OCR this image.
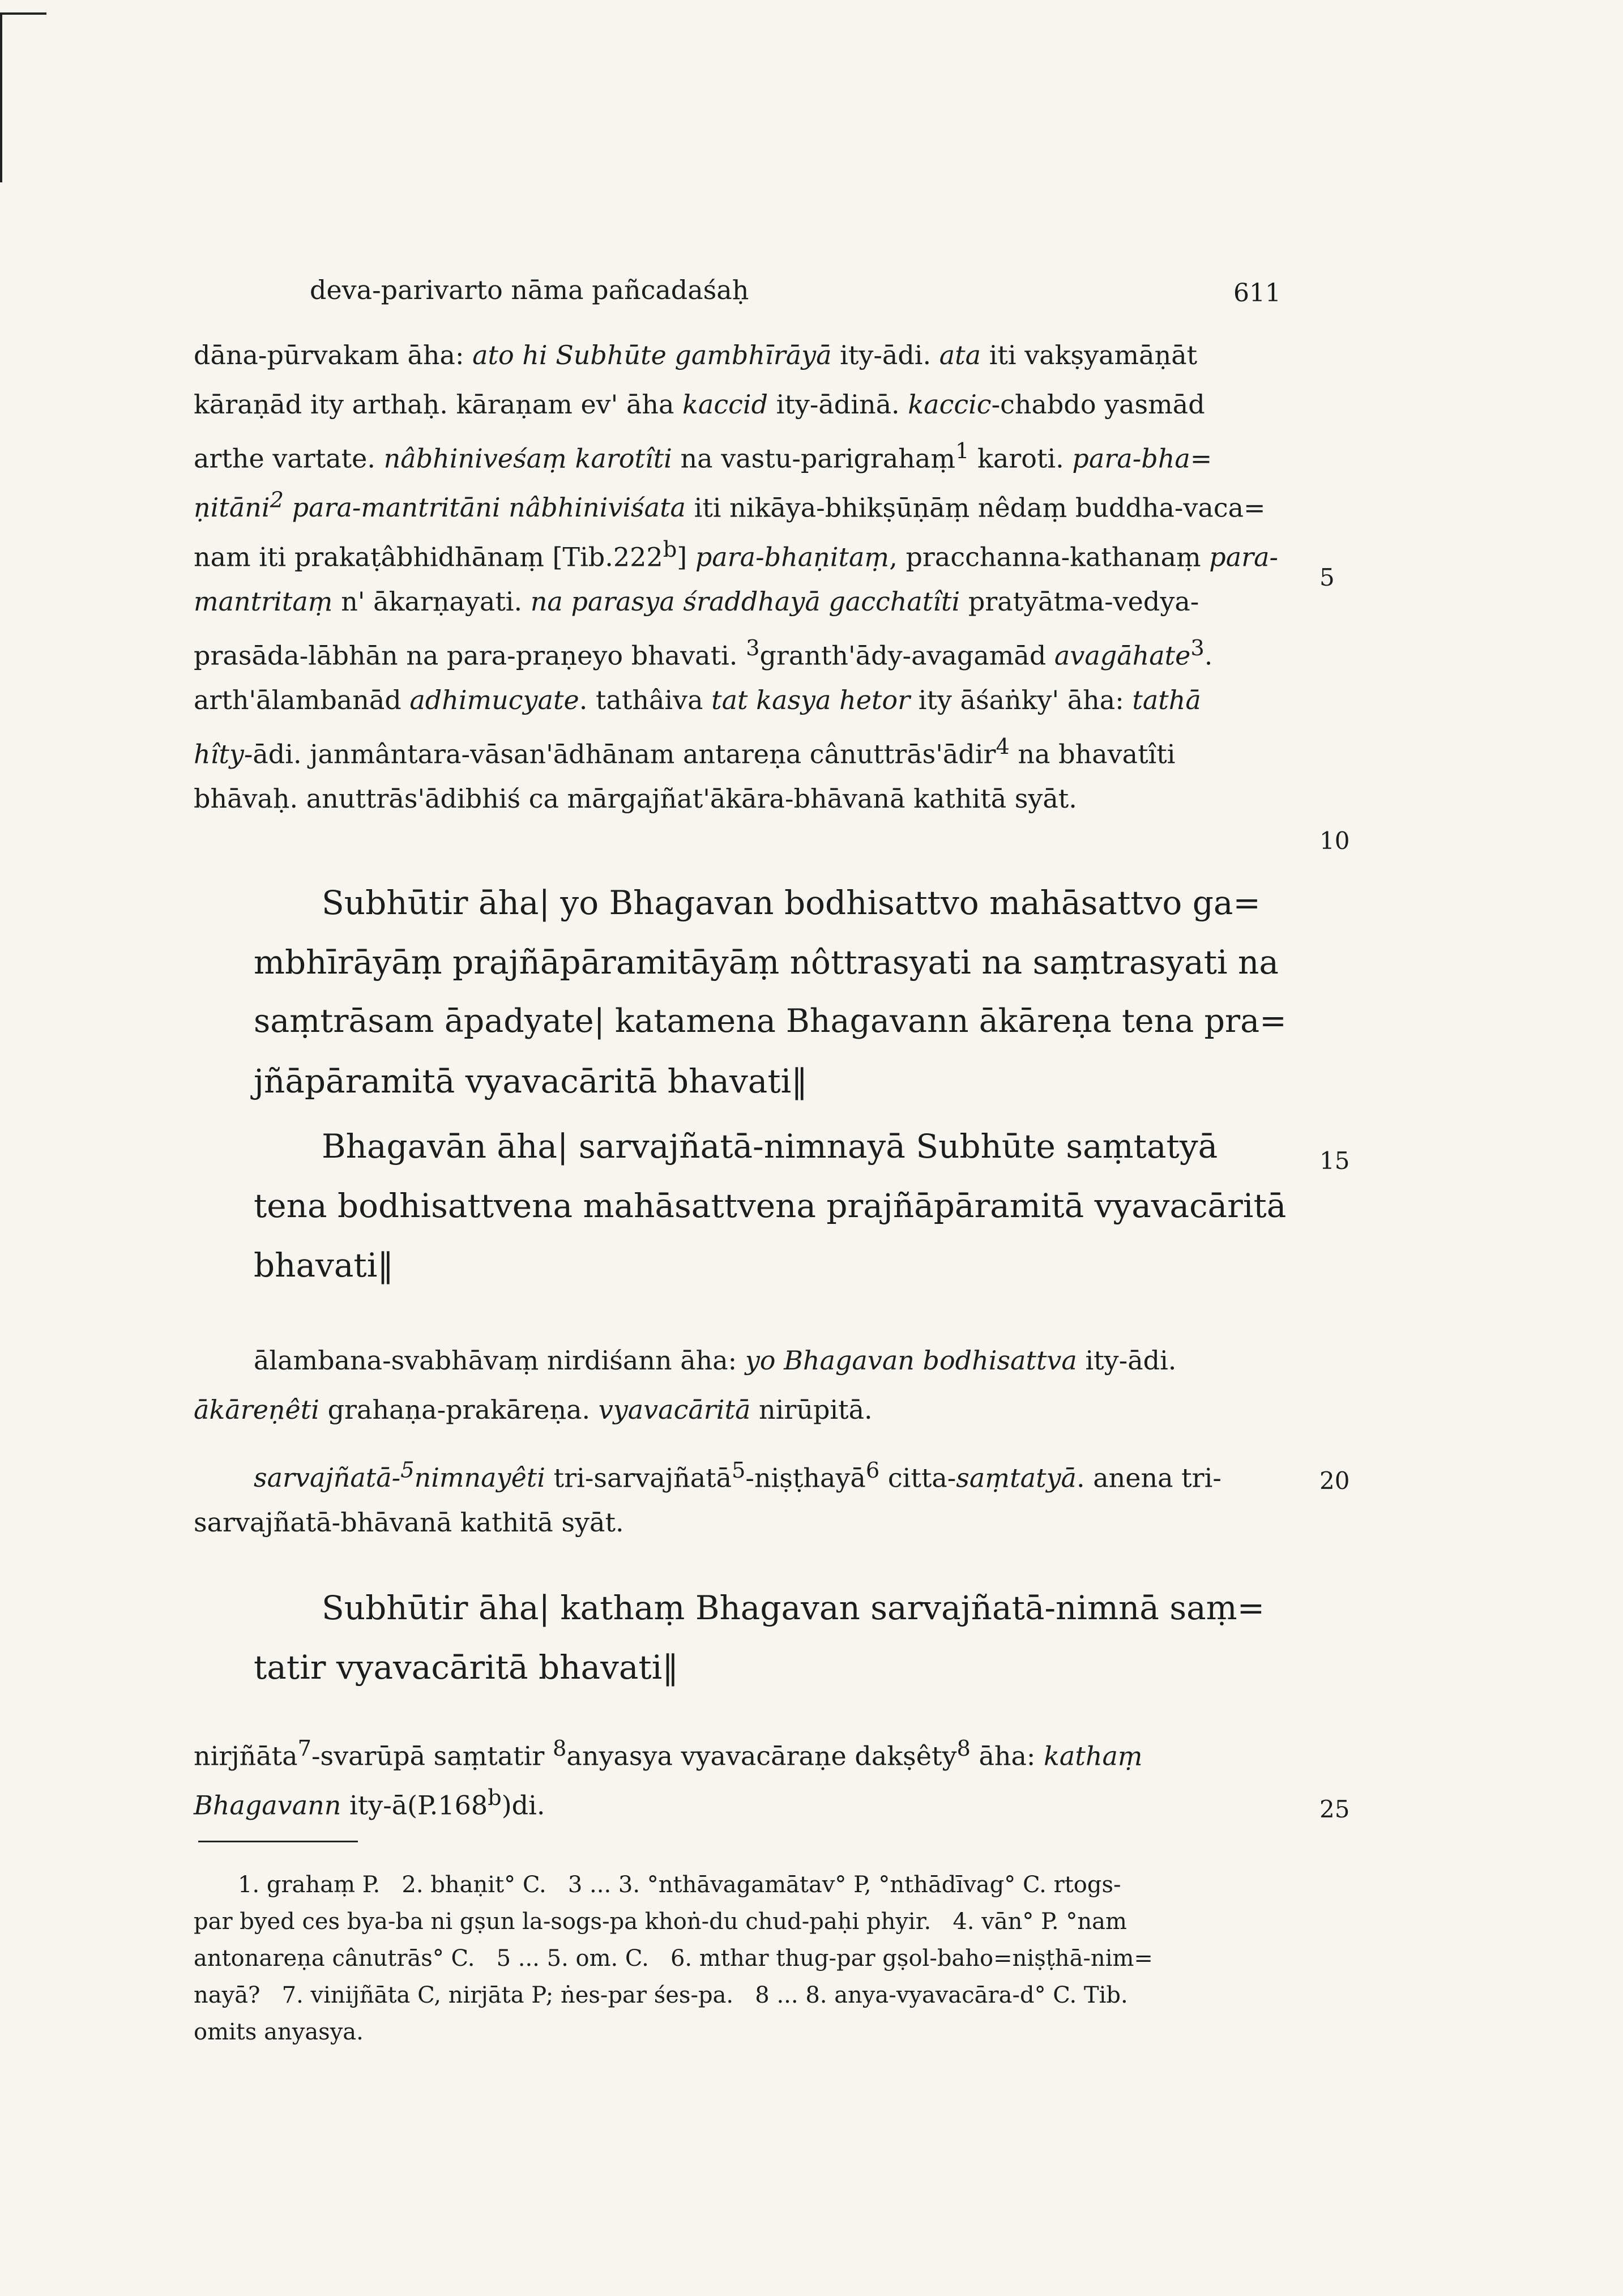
deva-parivarto nāma pañcadaśaḥ	611
dāna-pūrvakam āha: ato hi Subhūte gambhīrāyā ity-ādi. ata iti vakṣyamāṇāt
kāraṇād ity arthaḥ. kāraṇam ev' āha kaccid ity-ādinā. kaccic-chabdo yasmād
arthe vartate. nâbhiniveśaṃ karotîti na vastu-parigrahaṃ$^1$ karoti. para-bha=
ṇitāni$^2$ para-mantritāni nâbhiniviśata iti nikāya-bhikṣūṇāṃ nêdaṃ buddha-vaca=
nam iti prakaṭâbhidhānaṃ [Tib.222$^b$] para-bhaṇitaṃ, pracchanna-kathanaṃ para-
mantritaṃ n' ākarṇayati. na parasya śraddhayā gacchatîti pratyātma-vedya-
prasāda-lābhān na para-praṇeyo bhavati. $^3$granth'ādy-avagamād avagāhate$^3$.
arth'ālambanād adhimucyate. tathâiva tat kasya hetor ity āśaṅky' āha: tathā
hîty-ādi. janmântara-vāsan'ādhānam antareṇa cânuttrās'ādir$^4$ na bhavatîti
bhāvaḥ. anuttrās'ādibhiś ca mārgajñat'ākāra-bhāvanā kathitā syāt.
Subhūtir āha| yo Bhagavan bodhisattvo mahāsattvo ga=
mbhīrāyāṃ prajñāpāramitāyāṃ nôttrasyati na saṃtrasyati na
saṃtrāsam āpadyate| katamena Bhagavann ākāreṇa tena pra=
jñāpāramitā vyavacāritā bhavati‖
Bhagavān āha| sarvajñatā-nimnayā Subhūte saṃtatyā
tena bodhisattvena mahāsattvena prajñāpāramitā vyavacāritā
bhavati‖
ālambana-svabhāvaṃ nirdiśann āha: yo Bhagavan bodhisattva ity-ādi.
ākāreṇêti grahaṇa-prakāreṇa. vyavacāritā nirūpitā.
sarvajñatā-$^5$nimnayêti tri-sarvajñatā$^5$-niṣṭhayā$^6$ citta-saṃtatyā. anena tri-
sarvajñatā-bhāvanā kathitā syāt.
Subhūtir āha| kathaṃ Bhagavan sarvajñatā-nimnā saṃ=
tatir vyavacāritā bhavati‖
nirjñāta$^7$-svarūpā saṃtatir $^8$anyasya vyavacāraṇe dakṣêty$^8$ āha: kathaṃ
Bhagavann ity-ā(P.168$^b$)di.
5
10
15
20
25
1. grahaṃ P.   2. bhaṇit° C.   3 ... 3. °nthāvagamātav° P, °nthādīvag° C. rtogs-
par byed ces bya-ba ni gṣun la-sogs-pa khoṅ-du chud-paḥi phyir.   4. vān° P. °nam
antonareṇa cânutrās° C.   5 ... 5. om. C.   6. mthar thug-par gṣol-baho=niṣṭhā-nim=
nayā?   7. vinijñāta C, nirjāta P; ṅes-par śes-pa.   8 ... 8. anya-vyavacāra-d° C. Tib.
omits anyasya.
